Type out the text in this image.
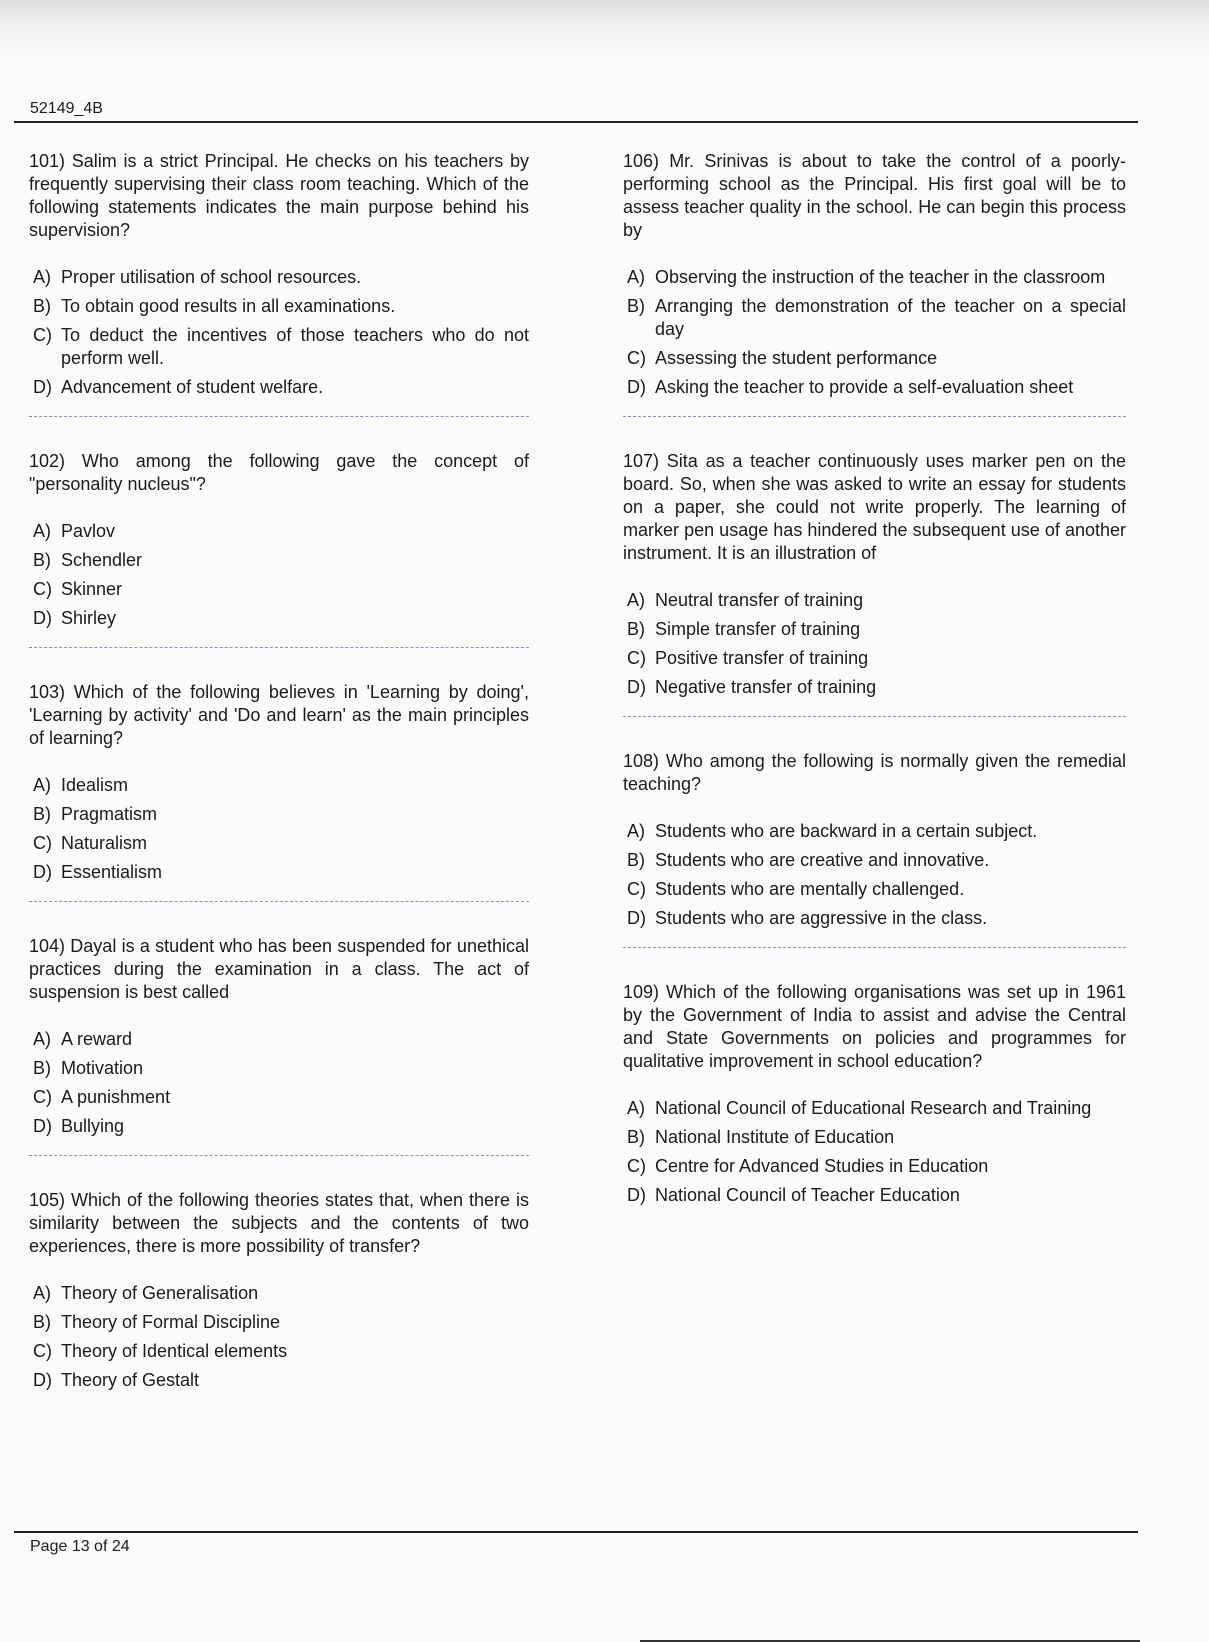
52149_4B

101) Salim is a strict Principal. He checks on his teachers by frequently supervising their class room teaching. Which of the following statements indicates the main purpose behind his supervision?

A) Proper utilisation of school resources.
B) To obtain good results in all examinations.
C) To deduct the incentives of those teachers who do not perform well.
D) Advancement of student welfare.

102) Who among the following gave the concept of "personality nucleus"?

A) Pavlov
B) Schendler
C) Skinner
D) Shirley

103) Which of the following believes in 'Learning by doing', 'Learning by activity' and 'Do and learn' as the main principles of learning?

A) Idealism
B) Pragmatism
C) Naturalism
D) Essentialism

104) Dayal is a student who has been suspended for unethical practices during the examination in a class. The act of suspension is best called

A) A reward
B) Motivation
C) A punishment
D) Bullying

105) Which of the following theories states that, when there is similarity between the subjects and the contents of two experiences, there is more possibility of transfer?

A) Theory of Generalisation
B) Theory of Formal Discipline
C) Theory of Identical elements
D) Theory of Gestalt

106) Mr. Srinivas is about to take the control of a poorly-performing school as the Principal. His first goal will be to assess teacher quality in the school. He can begin this process by

A) Observing the instruction of the teacher in the classroom
B) Arranging the demonstration of the teacher on a special day
C) Assessing the student performance
D) Asking the teacher to provide a self-evaluation sheet

107) Sita as a teacher continuously uses marker pen on the board. So, when she was asked to write an essay for students on a paper, she could not write properly. The learning of marker pen usage has hindered the subsequent use of another instrument. It is an illustration of

A) Neutral transfer of training
B) Simple transfer of training
C) Positive transfer of training
D) Negative transfer of training

108) Who among the following is normally given the remedial teaching?

A) Students who are backward in a certain subject.
B) Students who are creative and innovative.
C) Students who are mentally challenged.
D) Students who are aggressive in the class.

109) Which of the following organisations was set up in 1961 by the Government of India to assist and advise the Central and State Governments on policies and programmes for qualitative improvement in school education?

A) National Council of Educational Research and Training
B) National Institute of Education
C) Centre for Advanced Studies in Education
D) National Council of Teacher Education
Page 13 of 24
